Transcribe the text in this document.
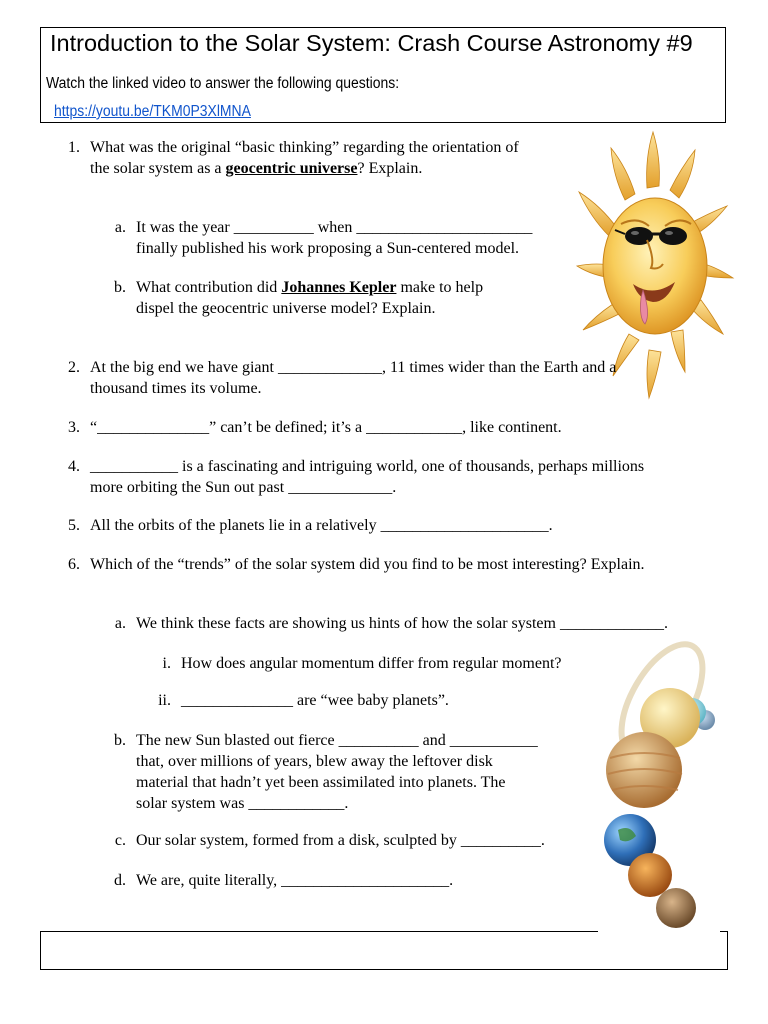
Introduction to the Solar System: Crash Course Astronomy #9
Watch the linked video to answer the following questions:
https://youtu.be/TKM0P3XlMNA
1. What was the original “basic thinking” regarding the orientation of
the solar system as a geocentric universe? Explain.
a. It was the year __________ when ______________________
finally published his work proposing a Sun-centered model.
b. What contribution did Johannes Kepler make to help
dispel the geocentric universe model? Explain.
2. At the big end we have giant _____________, 11 times wider than the Earth and a
thousand times its volume.
3. “______________” can’t be defined; it’s a ____________, like continent.
4. ___________ is a fascinating and intriguing world, one of thousands, perhaps millions
more orbiting the Sun out past _____________.
5. All the orbits of the planets lie in a relatively _____________________.
6. Which of the “trends” of the solar system did you find to be most interesting? Explain.
a. We think these facts are showing us hints of how the solar system _____________.
i. How does angular momentum differ from regular moment?
ii. ______________ are “wee baby planets”.
b. The new Sun blasted out fierce __________ and ___________
that, over millions of years, blew away the leftover disk
material that hadn’t yet been assimilated into planets. The
solar system was ____________.
c. Our solar system, formed from a disk, sculpted by __________.
d. We are, quite literally, _____________________.
